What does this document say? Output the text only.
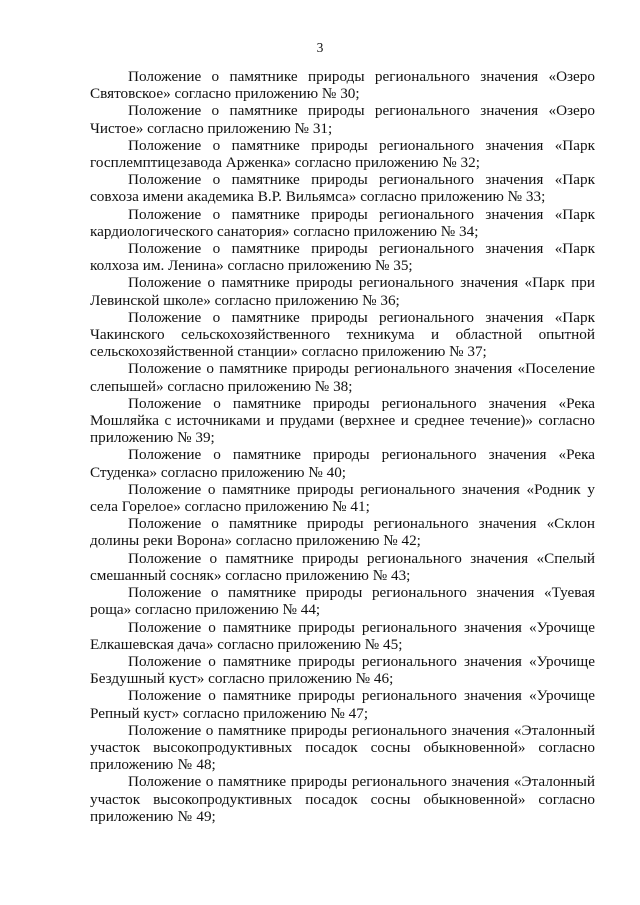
3

Положение о памятнике природы регионального значения «Озеро Святовское» согласно приложению № 30;

Положение о памятнике природы регионального значения «Озеро Чистое» согласно приложению № 31;

Положение о памятнике природы регионального значения «Парк госплемптицезавода Арженка» согласно приложению № 32;

Положение о памятнике природы регионального значения «Парк совхоза имени академика В.Р. Вильямса» согласно приложению № 33;

Положение о памятнике природы регионального значения «Парк кардиологического санатория» согласно приложению № 34;

Положение о памятнике природы регионального значения «Парк колхоза им. Ленина» согласно приложению № 35;

Положение о памятнике природы регионального значения «Парк при Левинской школе» согласно приложению № 36;

Положение о памятнике природы регионального значения «Парк Чакинского сельскохозяйственного техникума и областной опытной сельскохозяйственной станции» согласно приложению № 37;

Положение о памятнике природы регионального значения «Поселение слепышей» согласно приложению № 38;

Положение о памятнике природы регионального значения «Река Мошляйка с источниками и прудами (верхнее и среднее течение)» согласно приложению № 39;

Положение о памятнике природы регионального значения «Река Студенка» согласно приложению № 40;

Положение о памятнике природы регионального значения «Родник у села Горелое» согласно приложению № 41;

Положение о памятнике природы регионального значения «Склон долины реки Ворона» согласно приложению № 42;

Положение о памятнике природы регионального значения «Спелый смешанный сосняк» согласно приложению № 43;

Положение о памятнике природы регионального значения «Туевая роща» согласно приложению № 44;

Положение о памятнике природы регионального значения «Урочище Елкашевская дача» согласно приложению № 45;

Положение о памятнике природы регионального значения «Урочище Бездушный куст» согласно приложению № 46;

Положение о памятнике природы регионального значения «Урочище Репный куст» согласно приложению № 47;

Положение о памятнике природы регионального значения «Эталонный участок высокопродуктивных посадок сосны обыкновенной» согласно приложению № 48;

Положение о памятнике природы регионального значения «Эталонный участок высокопродуктивных посадок сосны обыкновенной» согласно приложению № 49;
